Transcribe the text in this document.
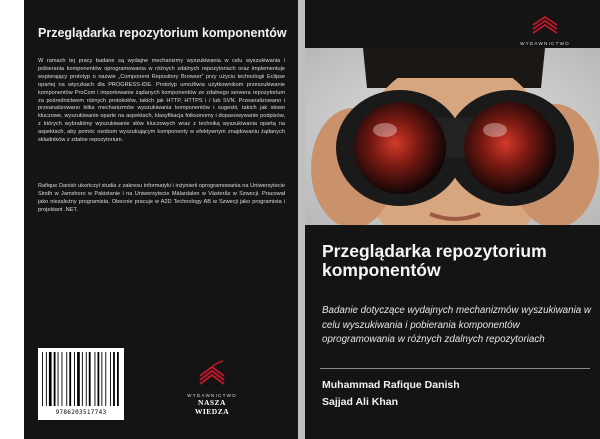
Przeglądarka repozytorium komponentów
W ramach tej pracy badane są wydajne mechanizmy wyszukiwania w celu wyszukiwania i pobierania komponentów oprogramowania w różnych zdalnych repozytoriach oraz implementuje wspierający prototyp o nazwie „Component Repository Browser” przy użyciu technologii Eclipse opartej na wtyczkach dla PROGRESS-IDE. Prototyp umożliwia użytkownikom przeszukiwanie komponentów ProCom i importowanie żądanych komponentów ze zdalnego serwera repozytorium za pośrednictwem różnych protokołów, takich jak HTTP, HTTPS i / lub SVN. Przeanalizowano i przeanalizowano kilka mechanizmów wyszukiwania komponentów i sugestii, takich jak słowo kluczowe, wyszukiwanie oparte na aspektach, klasyfikacja folksonomy i dopasowywanie podpisów, z których wybraliśmy wyszukiwanie słów kluczowych wraz z techniką wyszukiwania opartą na aspektach, aby pomóc osobom wyszukującym komponenty w efektywnym znajdowaniu żądanych składników z zdalne repozytorium.
Rafique Danish ukończył studia z zakresu informatyki i inżynierii oprogramowania na Uniwersytecie Sindh w Jamshoro w Pakistanie i na Uniwersytecie Mälardalen w Västerås w Szwecji. Pracował jako niezależny programista. Obecnie pracuje w A2D Technology AB w Szwecji jako programista i projektant .NET.
9786203517743
WYDAWNICTWO
NASZA WIEDZA
WYDAWNICTWO
Przeglądarka repozytorium komponentów
Badanie dotyczące wydajnych mechanizmów wyszukiwania w celu wyszukiwania i pobierania komponentów oprogramowania w różnych zdalnych repozytoriach
Muhammad Rafique Danish
Sajjad Ali Khan
